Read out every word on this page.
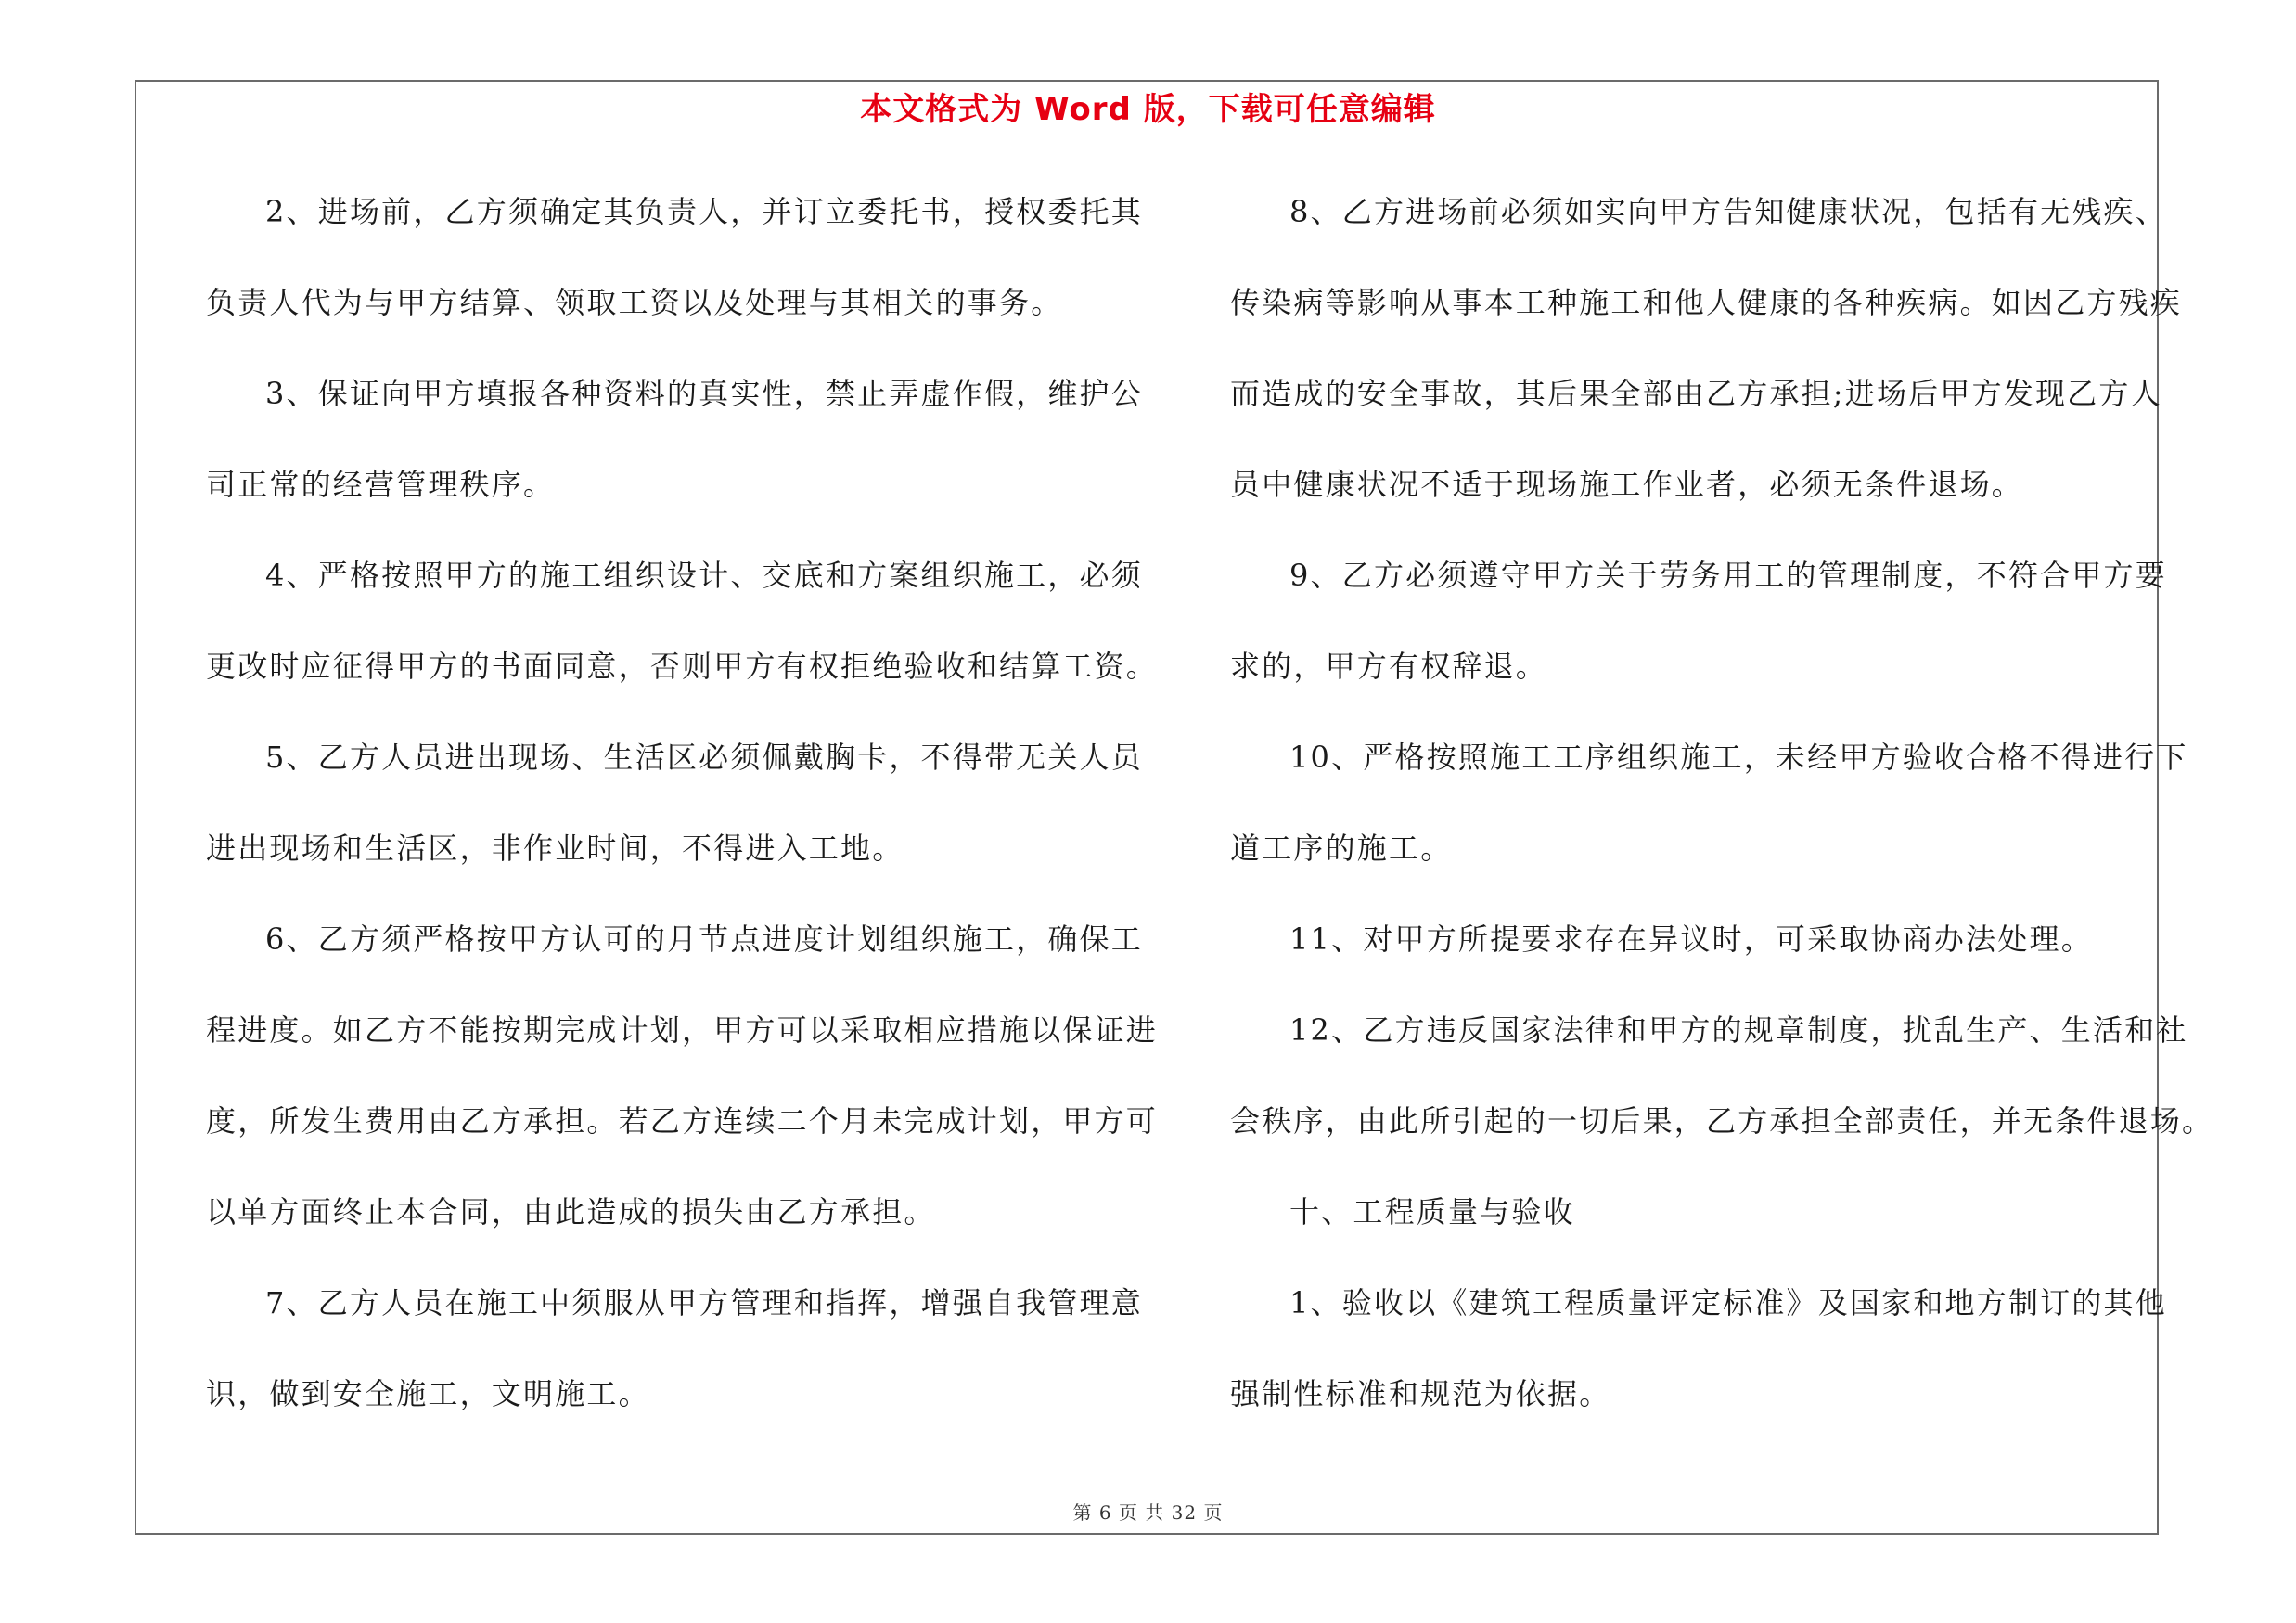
本文格式为 Word 版，下载可任意编辑
2、进场前，乙方须确定其负责人，并订立委托书，授权委托其
负责人代为与甲方结算、领取工资以及处理与其相关的事务。
3、保证向甲方填报各种资料的真实性，禁止弄虚作假，维护公
司正常的经营管理秩序。
4、严格按照甲方的施工组织设计、交底和方案组织施工，必须
更改时应征得甲方的书面同意，否则甲方有权拒绝验收和结算工资。
5、乙方人员进出现场、生活区必须佩戴胸卡，不得带无关人员
进出现场和生活区，非作业时间，不得进入工地。
6、乙方须严格按甲方认可的月节点进度计划组织施工，确保工
程进度。如乙方不能按期完成计划，甲方可以采取相应措施以保证进
度，所发生费用由乙方承担。若乙方连续二个月未完成计划，甲方可
以单方面终止本合同，由此造成的损失由乙方承担。
7、乙方人员在施工中须服从甲方管理和指挥，增强自我管理意
识，做到安全施工，文明施工。
8、乙方进场前必须如实向甲方告知健康状况，包括有无残疾、
传染病等影响从事本工种施工和他人健康的各种疾病。如因乙方残疾
而造成的安全事故，其后果全部由乙方承担;进场后甲方发现乙方人
员中健康状况不适于现场施工作业者，必须无条件退场。
9、乙方必须遵守甲方关于劳务用工的管理制度，不符合甲方要
求的，甲方有权辞退。
10、严格按照施工工序组织施工，未经甲方验收合格不得进行下
道工序的施工。
11、对甲方所提要求存在异议时，可采取协商办法处理。
12、乙方违反国家法律和甲方的规章制度，扰乱生产、生活和社
会秩序，由此所引起的一切后果，乙方承担全部责任，并无条件退场。
十、工程质量与验收
1、验收以《建筑工程质量评定标准》及国家和地方制订的其他
强制性标准和规范为依据。
第 6 页 共 32 页
